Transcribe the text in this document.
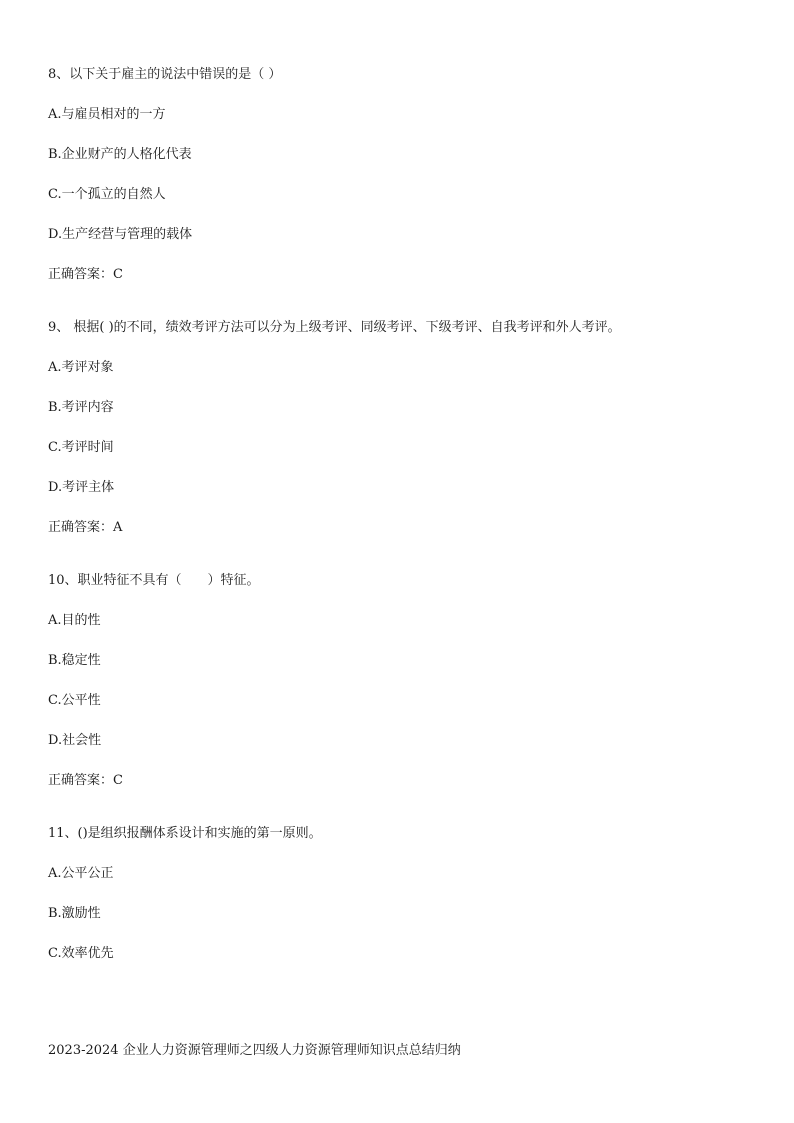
8、以下关于雇主的说法中错误的是（ ）
A.与雇员相对的一方
B.企业财产的人格化代表
C.一个孤立的自然人
D.生产经营与管理的载体
正确答案：C
9、 根据( )的不同，绩效考评方法可以分为上级考评、同级考评、下级考评、自我考评和外人考评。
A.考评对象
B.考评内容
C.考评时间
D.考评主体
正确答案：A
10、职业特征不具有（　　）特征。
A.目的性
B.稳定性
C.公平性
D.社会性
正确答案：C
11、()是组织报酬体系设计和实施的第一原则。
A.公平公正
B.激励性
C.效率优先
2023-2024 企业人力资源管理师之四级人力资源管理师知识点总结归纳
